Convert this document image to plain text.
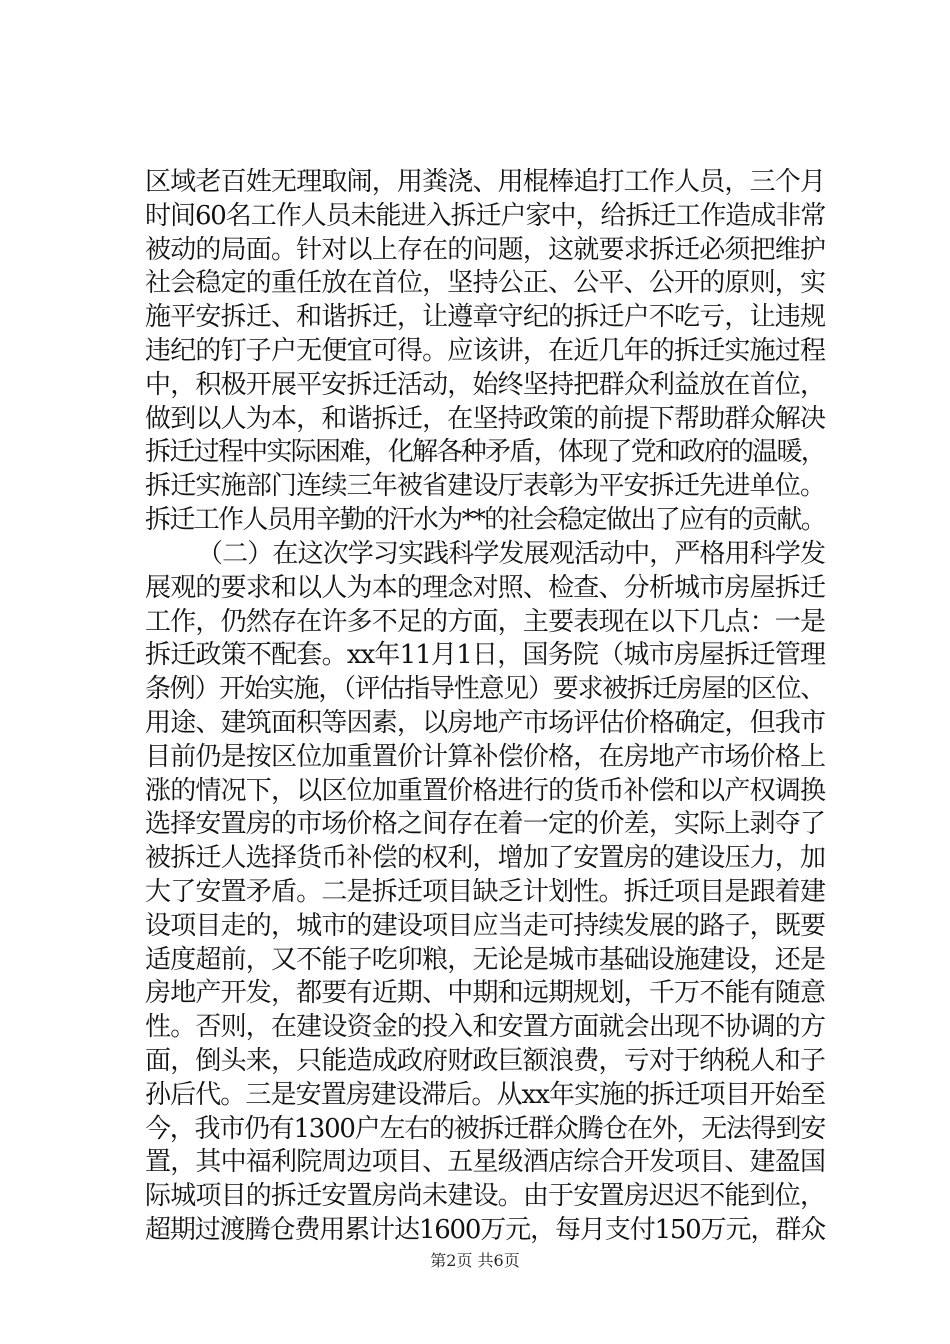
区域老百姓无理取闹，用粪浇、用棍棒追打工作人员，三个月
时间60名工作人员未能进入拆迁户家中，给拆迁工作造成非常
被动的局面。针对以上存在的问题，这就要求拆迁必须把维护
社会稳定的重任放在首位，坚持公正、公平、公开的原则，实
施平安拆迁、和谐拆迁，让遵章守纪的拆迁户不吃亏，让违规
违纪的钉子户无便宜可得。应该讲，在近几年的拆迁实施过程
中，积极开展平安拆迁活动，始终坚持把群众利益放在首位，
做到以人为本，和谐拆迁，在坚持政策的前提下帮助群众解决
拆迁过程中实际困难，化解各种矛盾，体现了党和政府的温暖，
拆迁实施部门连续三年被省建设厅表彰为平安拆迁先进单位。
拆迁工作人员用辛勤的汗水为**的社会稳定做出了应有的贡献。
（二）在这次学习实践科学发展观活动中，严格用科学发
展观的要求和以人为本的理念对照、检查、分析城市房屋拆迁
工作，仍然存在许多不足的方面，主要表现在以下几点：一是
拆迁政策不配套。xx年11月1日，国务院（城市房屋拆迁管理
条例）开始实施，（评估指导性意见）要求被拆迁房屋的区位、
用途、建筑面积等因素，以房地产市场评估价格确定，但我市
目前仍是按区位加重置价计算补偿价格，在房地产市场价格上
涨的情况下，以区位加重置价格进行的货币补偿和以产权调换
选择安置房的市场价格之间存在着一定的价差，实际上剥夺了
被拆迁人选择货币补偿的权利，增加了安置房的建设压力，加
大了安置矛盾。二是拆迁项目缺乏计划性。拆迁项目是跟着建
设项目走的，城市的建设项目应当走可持续发展的路子，既要
适度超前，又不能子吃卯粮，无论是城市基础设施建设，还是
房地产开发，都要有近期、中期和远期规划，千万不能有随意
性。否则，在建设资金的投入和安置方面就会出现不协调的方
面，倒头来，只能造成政府财政巨额浪费，亏对于纳税人和子
孙后代。三是安置房建设滞后。从xx年实施的拆迁项目开始至
今，我市仍有1300户左右的被拆迁群众腾仓在外，无法得到安
置，其中福利院周边项目、五星级酒店综合开发项目、建盈国
际城项目的拆迁安置房尚未建设。由于安置房迟迟不能到位，
超期过渡腾仓费用累计达1600万元，每月支付150万元，群众
第2页 共6页
